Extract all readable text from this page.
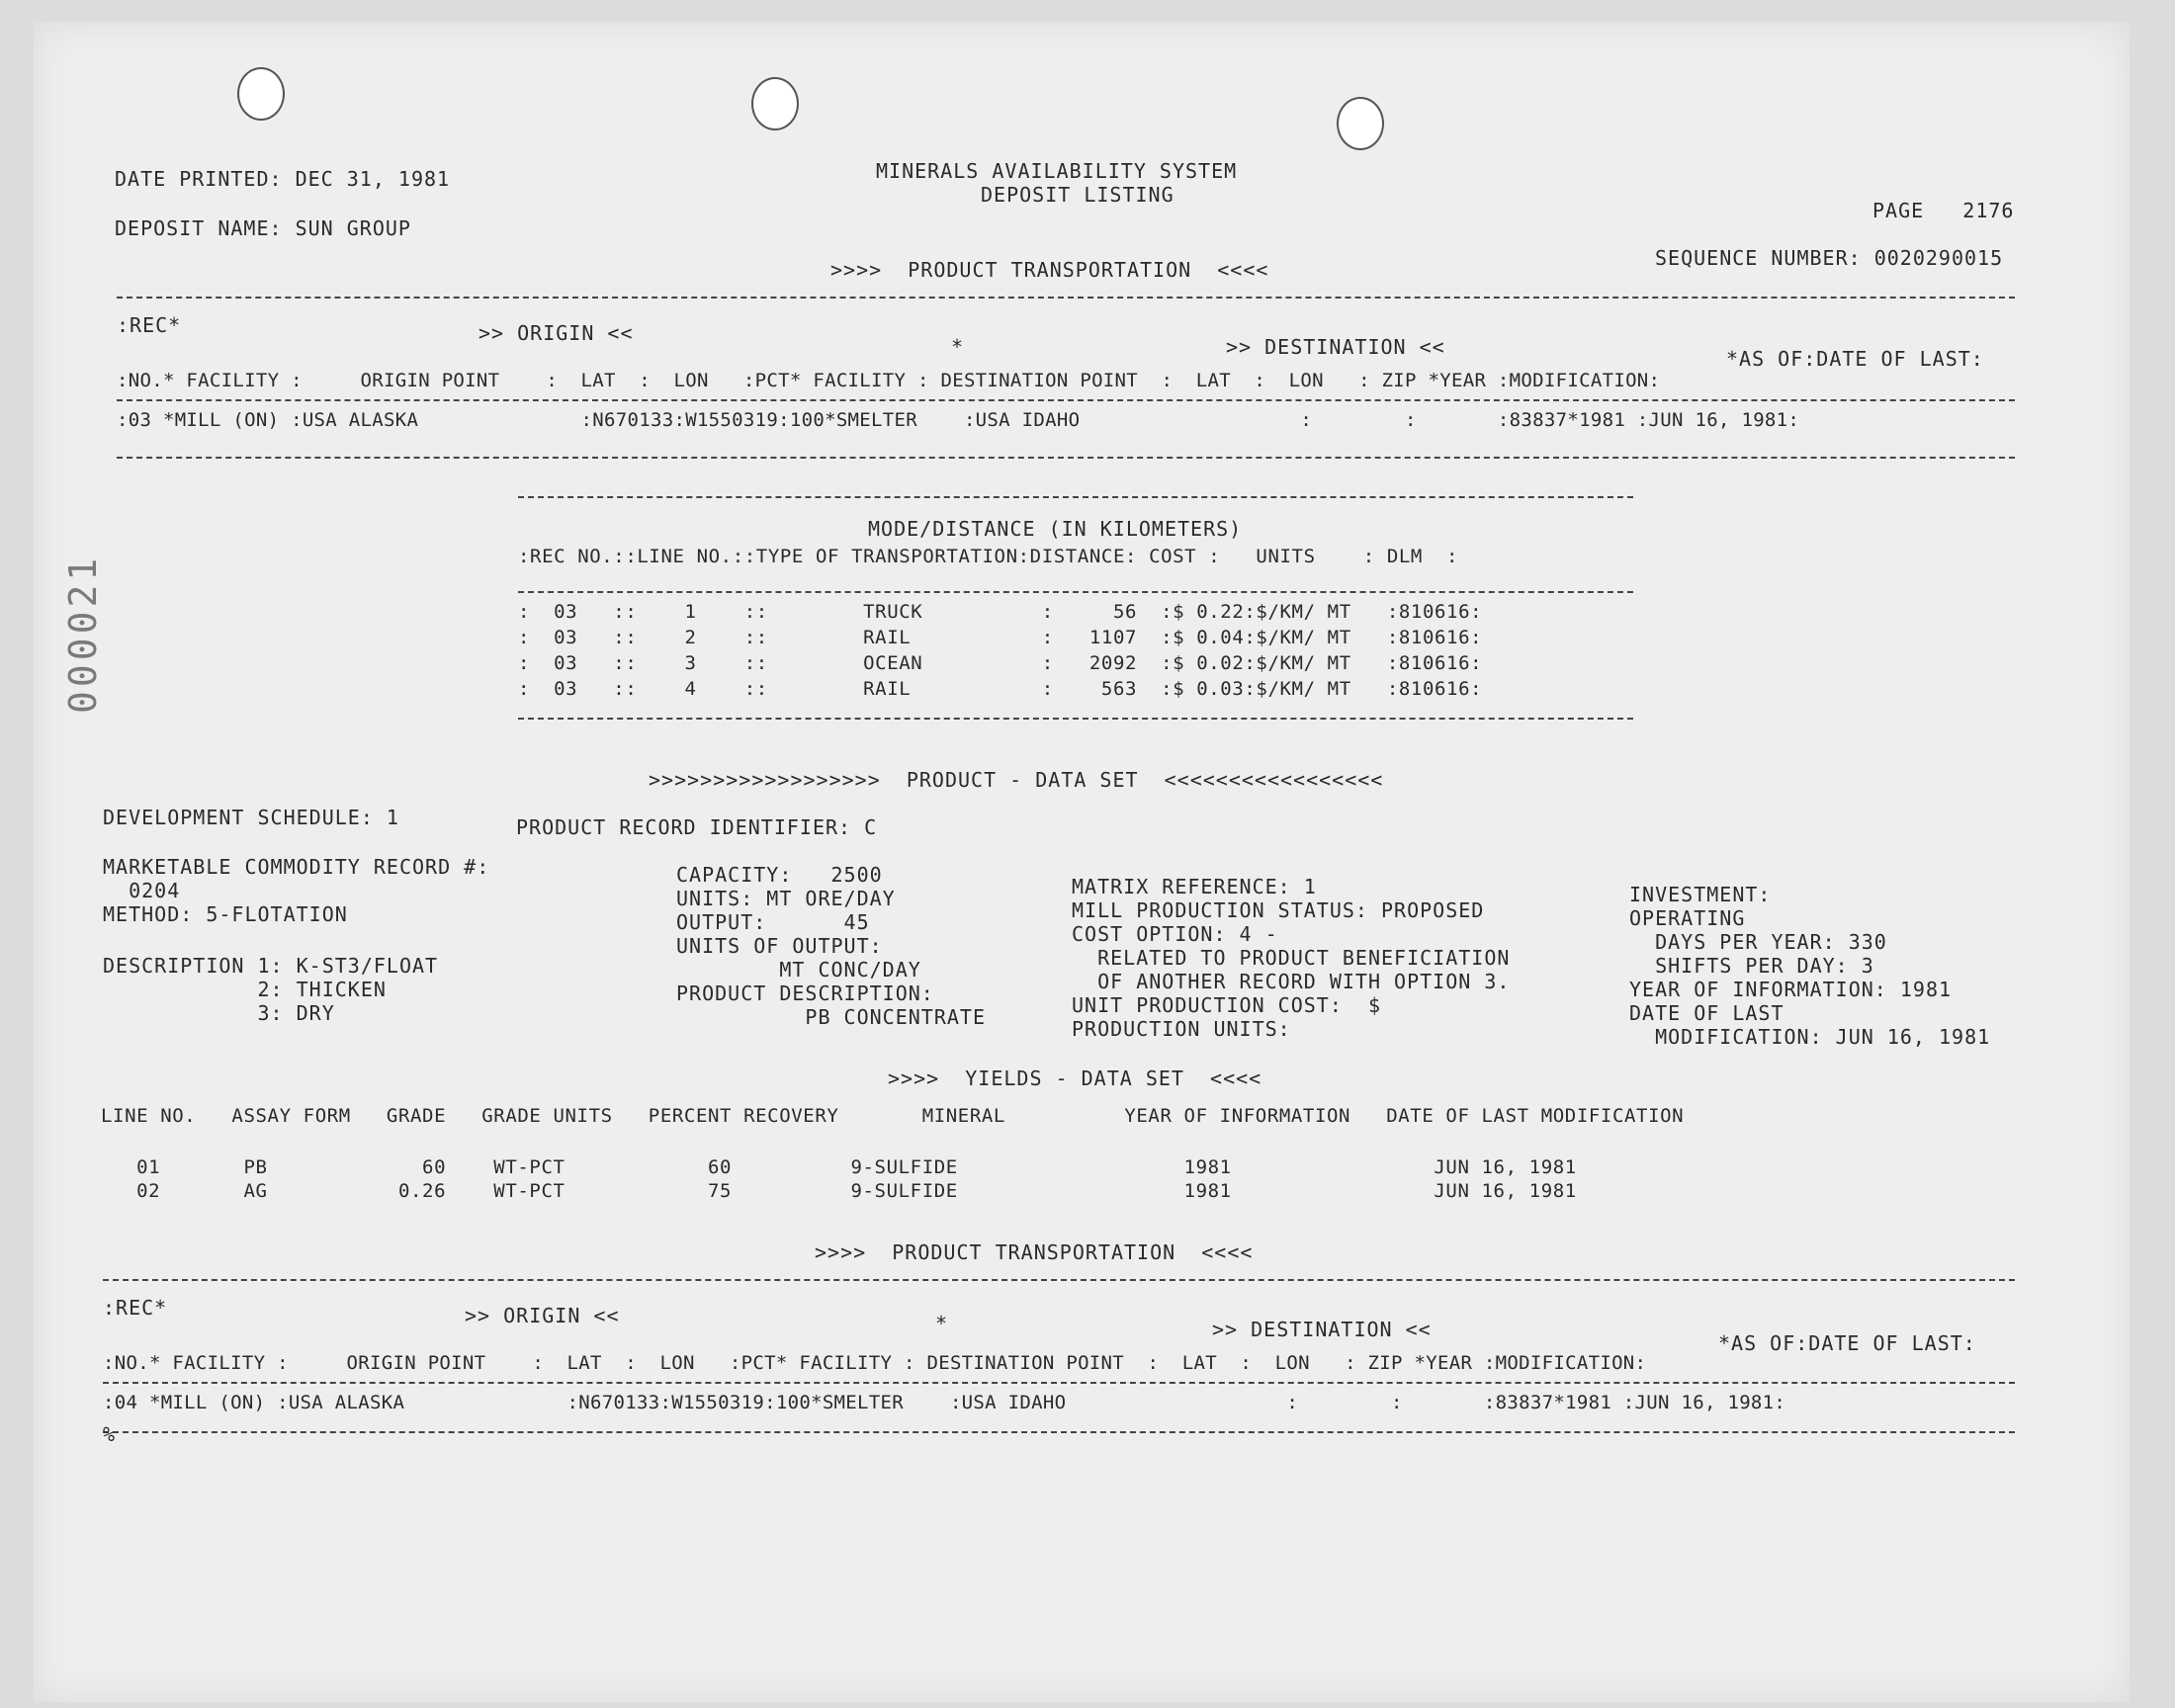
000021
DATE PRINTED: DEC 31, 1981
DEPOSIT NAME: SUN GROUP
MINERALS AVAILABILITY SYSTEM
DEPOSIT LISTING
PAGE   2176
SEQUENCE NUMBER: 0020290015
>>>>  PRODUCT TRANSPORTATION  <<<<
:REC*	>> ORIGIN <<
*	>> DESTINATION <<	*AS OF:DATE OF LAST:
:NO.* FACILITY :     ORIGIN POINT    :  LAT  :  LON   :PCT* FACILITY : DESTINATION POINT  :  LAT  :  LON   : ZIP *YEAR :MODIFICATION:
:03 *MILL (ON) :USA ALASKA              :N670133:W1550319:100*SMELTER    :USA IDAHO                   :        :       :83837*1981 :JUN 16, 1981:
MODE/DISTANCE (IN KILOMETERS)
:REC NO.::LINE NO.::TYPE OF TRANSPORTATION:DISTANCE: COST :   UNITS    : DLM  :
:  03   ::    1    ::        TRUCK          :     56  :$ 0.22:$/KM/ MT   :810616:
:  03   ::    2    ::        RAIL           :   1107  :$ 0.04:$/KM/ MT   :810616:
:  03   ::    3    ::        OCEAN          :   2092  :$ 0.02:$/KM/ MT   :810616:
:  03   ::    4    ::        RAIL           :    563  :$ 0.03:$/KM/ MT   :810616:
>>>>>>>>>>>>>>>>>>  PRODUCT - DATA SET  <<<<<<<<<<<<<<<<<
DEVELOPMENT SCHEDULE: 1	PRODUCT RECORD IDENTIFIER: C
MARKETABLE COMMODITY RECORD #:
0204
METHOD: 5-FLOTATION
DESCRIPTION 1: K-ST3/FLOAT
2: THICKEN
3: DRY
CAPACITY:   2500
UNITS: MT ORE/DAY
OUTPUT:      45
UNITS OF OUTPUT:
MT CONC/DAY
PRODUCT DESCRIPTION:
PB CONCENTRATE
MATRIX REFERENCE: 1
MILL PRODUCTION STATUS: PROPOSED
COST OPTION: 4 -
RELATED TO PRODUCT BENEFICIATION
OF ANOTHER RECORD WITH OPTION 3.
UNIT PRODUCTION COST:  $
PRODUCTION UNITS:
INVESTMENT:
OPERATING
DAYS PER YEAR: 330
SHIFTS PER DAY: 3
YEAR OF INFORMATION: 1981
DATE OF LAST
MODIFICATION: JUN 16, 1981
>>>>  YIELDS - DATA SET  <<<<
LINE NO.   ASSAY FORM   GRADE   GRADE UNITS   PERCENT RECOVERY       MINERAL          YEAR OF INFORMATION   DATE OF LAST MODIFICATION
01       PB             60    WT-PCT            60          9-SULFIDE                   1981                 JUN 16, 1981
02       AG           0.26    WT-PCT            75          9-SULFIDE                   1981                 JUN 16, 1981
>>>>  PRODUCT TRANSPORTATION  <<<<
:REC*	>> ORIGIN <<	*	>> DESTINATION <<
*AS OF:DATE OF LAST:
:NO.* FACILITY :     ORIGIN POINT    :  LAT  :  LON   :PCT* FACILITY : DESTINATION POINT  :  LAT  :  LON   : ZIP *YEAR :MODIFICATION:
:04 *MILL (ON) :USA ALASKA              :N670133:W1550319:100*SMELTER    :USA IDAHO                   :        :       :83837*1981 :JUN 16, 1981:
%
